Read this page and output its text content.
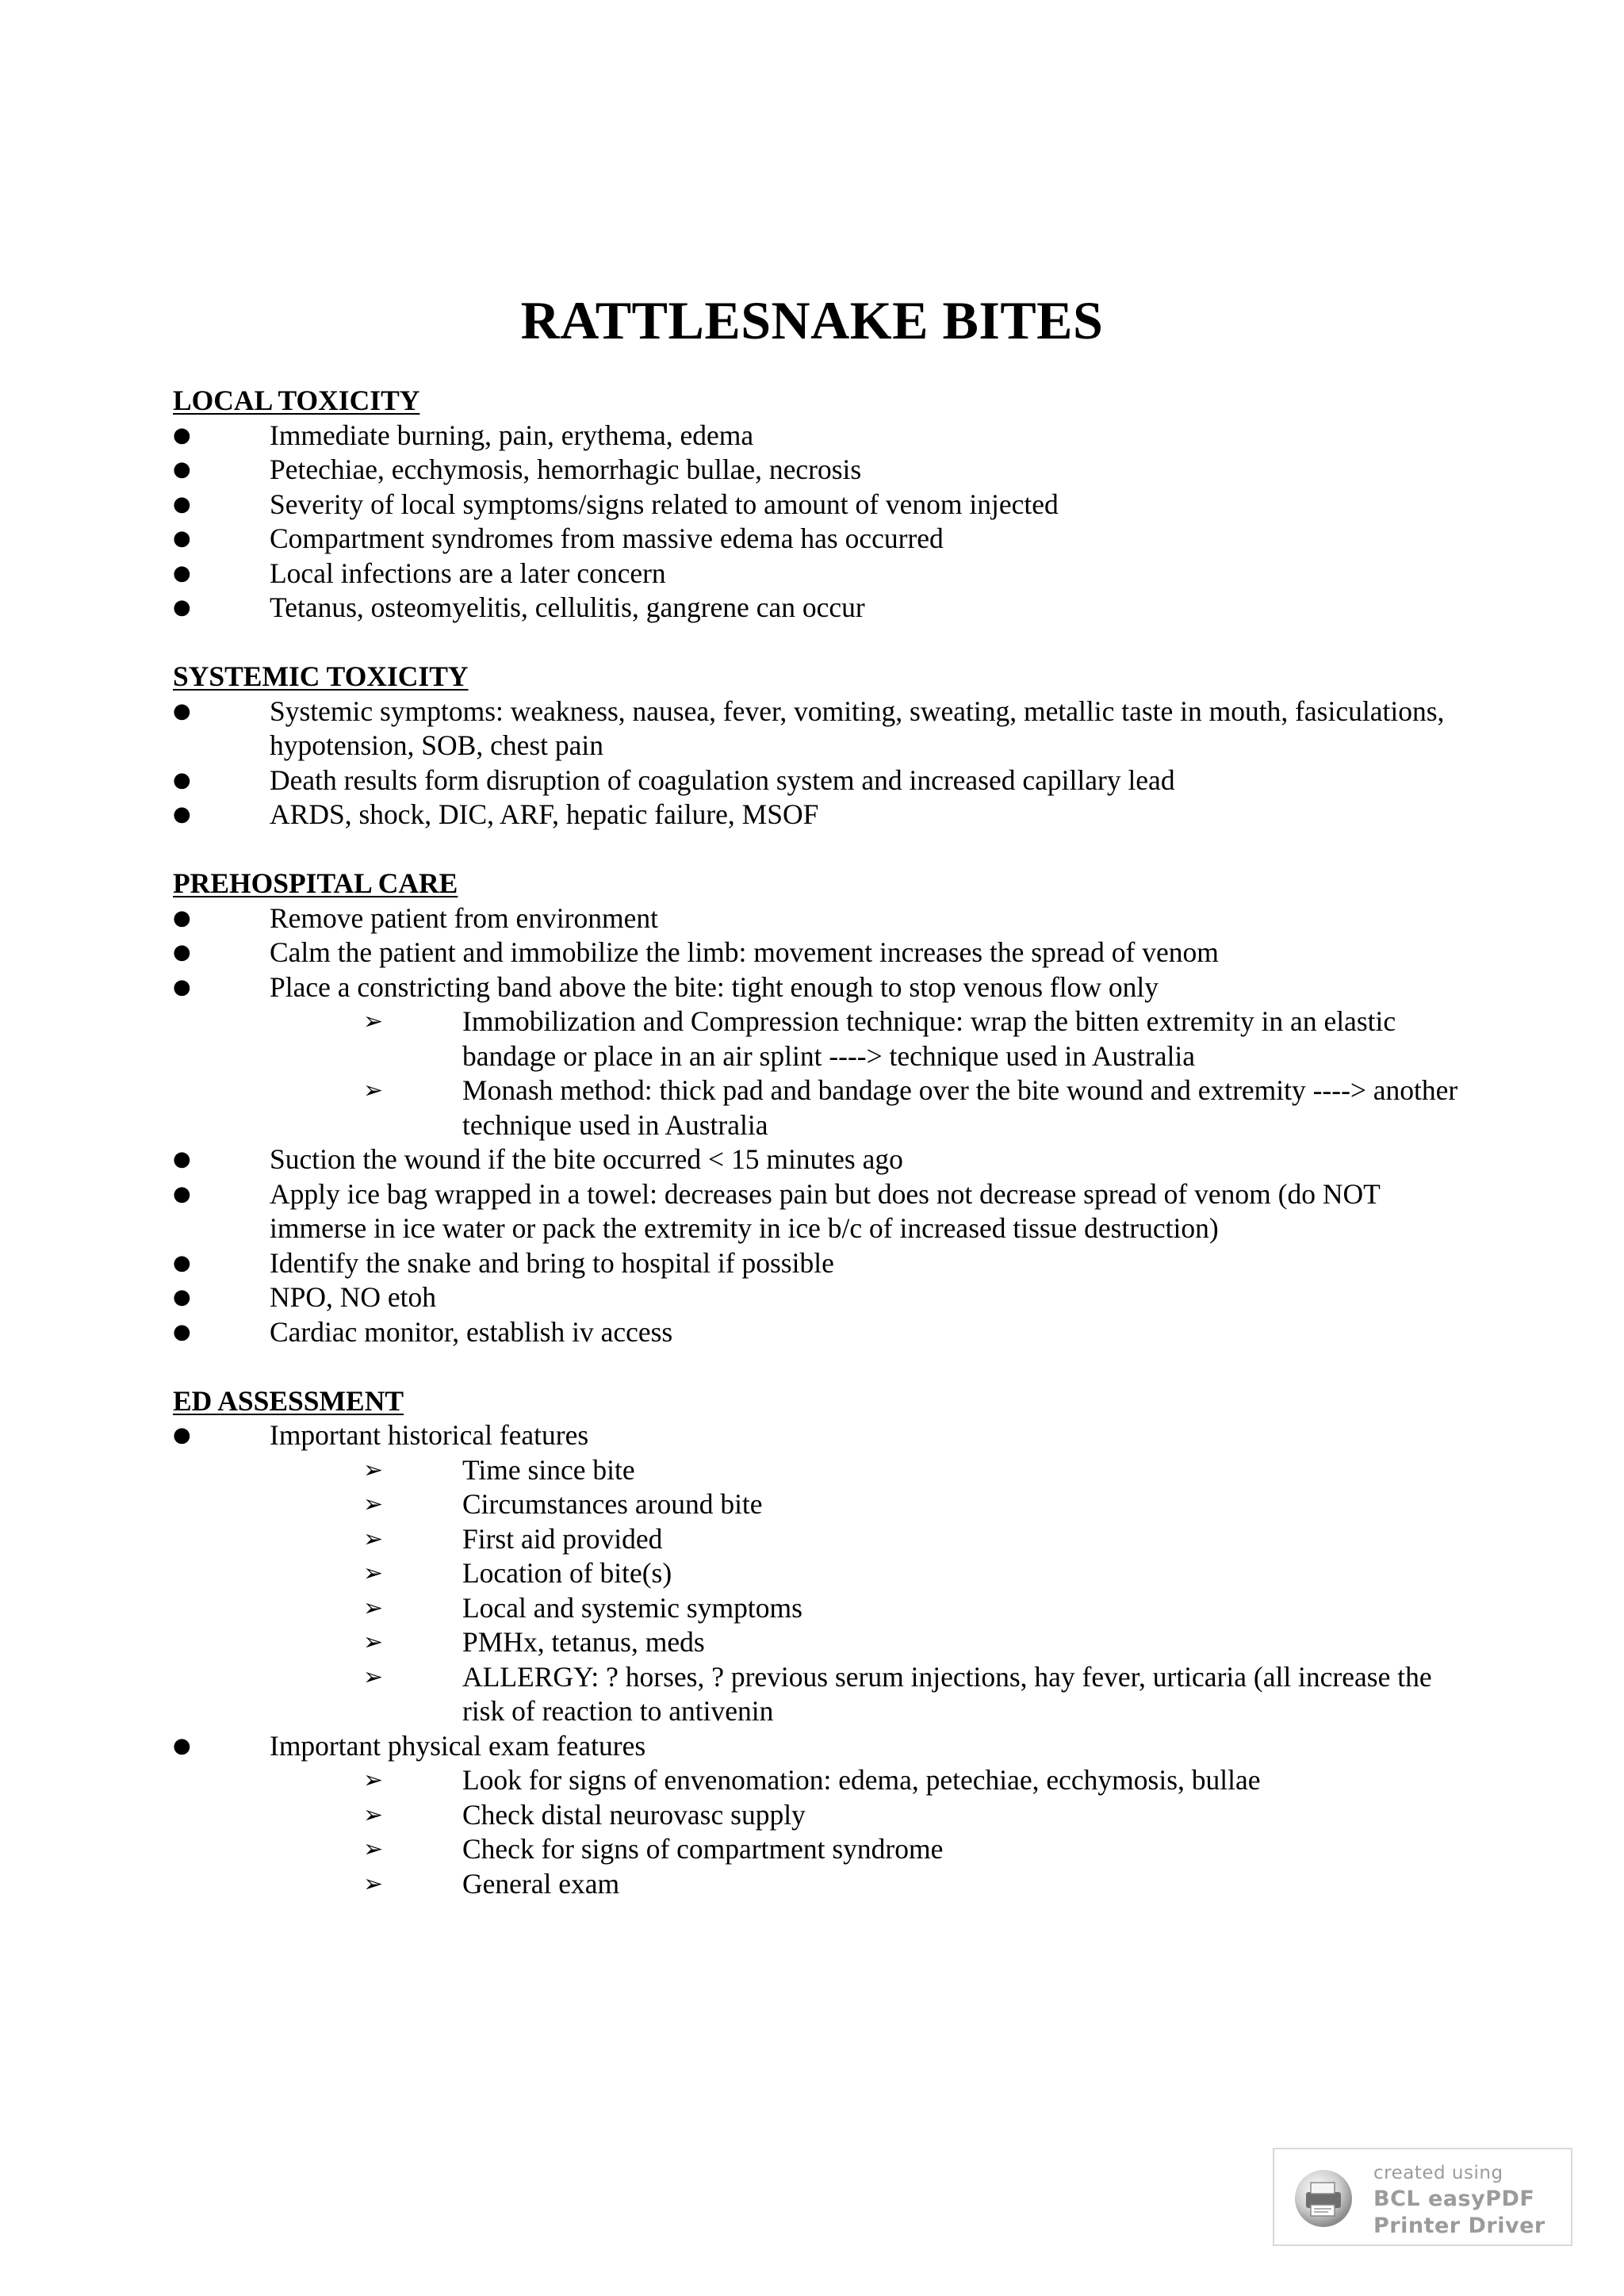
RATTLESNAKE BITES
LOCAL TOXICITY
●	Immediate burning, pain, erythema, edema
●	Petechiae, ecchymosis, hemorrhagic bullae, necrosis
●	Severity of local symptoms/signs related to amount of venom injected
●	Compartment syndromes from massive edema has occurred
●	Local infections are a later concern
●	Tetanus, osteomyelitis, cellulitis, gangrene can occur
SYSTEMIC TOXICITY
●	Systemic symptoms: weakness, nausea, fever, vomiting, sweating, metallic taste in mouth, fasiculations, hypotension, SOB, chest pain
●	Death results form disruption of coagulation system and increased capillary lead
●	ARDS, shock, DIC, ARF, hepatic failure, MSOF
PREHOSPITAL CARE
●	Remove patient from environment
●	Calm the patient and immobilize the limb: movement increases the spread of venom
●	Place a constricting band above the bite: tight enough to stop venous flow only
➢	Immobilization and Compression technique: wrap the bitten extremity in an elastic bandage or place in an air splint ----> technique used in Australia
➢	Monash method: thick pad and bandage over the bite wound and extremity ----> another technique used in Australia
●	Suction the wound if the bite occurred < 15 minutes ago
●	Apply ice bag wrapped in a towel: decreases pain but does not decrease spread of venom (do NOT immerse in ice water or pack the extremity in ice b/c of increased tissue destruction)
●	Identify the snake and bring to hospital if possible
●	NPO, NO etoh
●	Cardiac monitor, establish iv access
ED ASSESSMENT
●	Important historical features
➢	Time since bite
➢	Circumstances around bite
➢	First aid provided
➢	Location of bite(s)
➢	Local and systemic symptoms
➢	PMHx, tetanus, meds
➢	ALLERGY: ? horses, ? previous serum injections, hay fever, urticaria (all increase the risk of reaction to antivenin
●	Important physical exam features
➢	Look for signs of envenomation: edema, petechiae, ecchymosis, bullae
➢	Check distal neurovasc supply
➢	Check for signs of compartment syndrome
➢	General exam
created using
BCL easyPDF
Printer Driver
